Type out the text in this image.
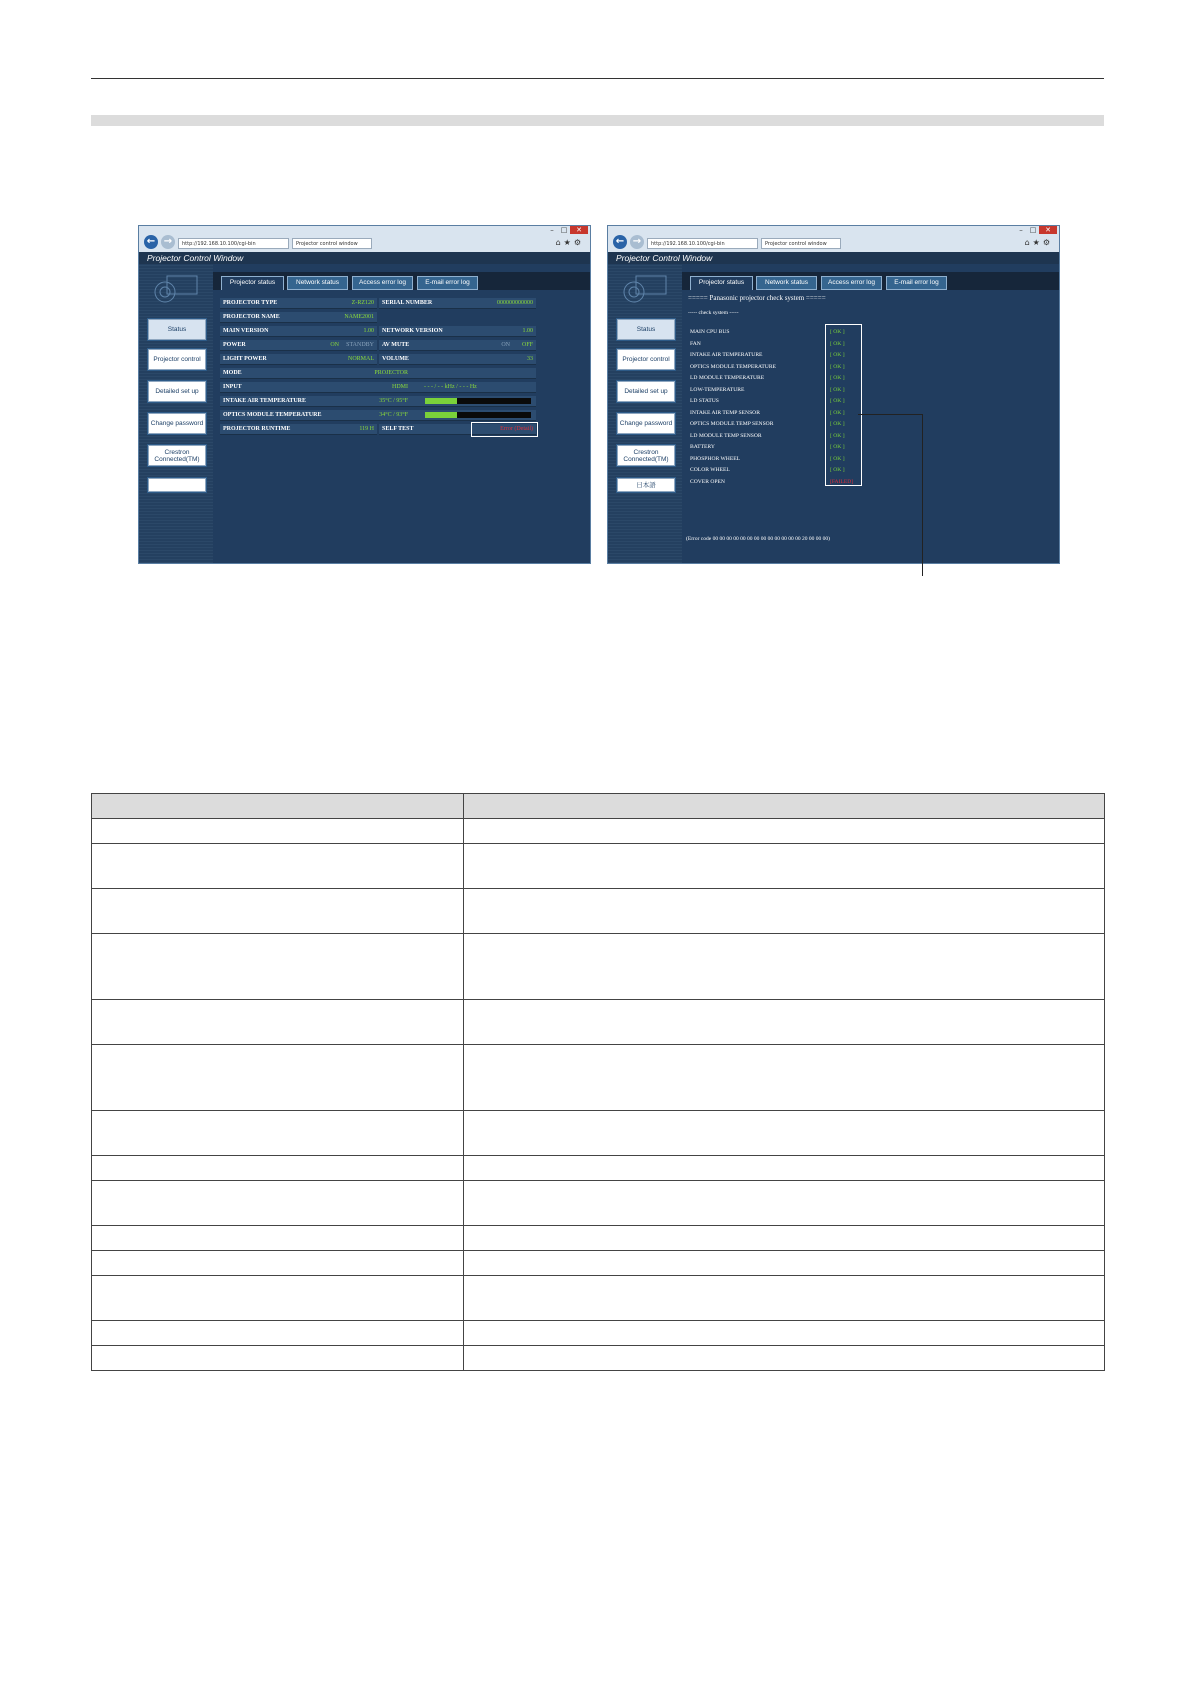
← →	http://192.168.10.100/cgi-bin	Projector control window
– □ ✕
⌂★⚙
Projector Control Window
Status
Projector control
Detailed set up
Change password
Crestron Connected(TM)
Projector status	Network status	Access error log	E-mail error log
PROJECTOR TYPE	Z-RZ120 SERIAL NUMBER	000000000000
PROJECTOR NAME	NAME2001
MAIN VERSION	1.00 NETWORK VERSION	1.00
POWER	ON STANDBY AV MUTE	ON OFF
LIGHT POWER	NORMAL VOLUME	33
MODE	PROJECTOR
INPUT	HDMI	- - - / - - kHz / - - - Hz
INTAKE AIR TEMPERATURE	35°C / 95°F
OPTICS MODULE TEMPERATURE	34°C / 93°F
PROJECTOR RUNTIME	119 H SELF TEST	Error (Detail)
← →	http://192.168.10.100/cgi-bin	Projector control window
– □ ✕
⌂★⚙
Projector Control Window
Status
Projector control
Detailed set up
Change password
Crestron Connected(TM)
日本語
Projector status	Network status	Access error log	E-mail error log
===== Panasonic projector check system =====
----- check system -----
MAIN CPU BUS	[ OK ]
FAN	[ OK ]
INTAKE AIR TEMPERATURE	[ OK ]
OPTICS MODULE TEMPERATURE	[ OK ]
LD MODULE TEMPERATURE	[ OK ]
LOW-TEMPERATURE	[ OK ]
LD STATUS	[ OK ]
INTAKE AIR TEMP SENSOR	[ OK ]
OPTICS MODULE TEMP SENSOR	[ OK ]
LD MODULE TEMP SENSOR	[ OK ]
BATTERY	[ OK ]
PHOSPHOR WHEEL	[ OK ]
COLOR WHEEL	[ OK ]
COVER OPEN	[FAILED]
(Error code 00 00 00 00 00 00 00 00 00 00 00 00 00 20 00 00 00)
